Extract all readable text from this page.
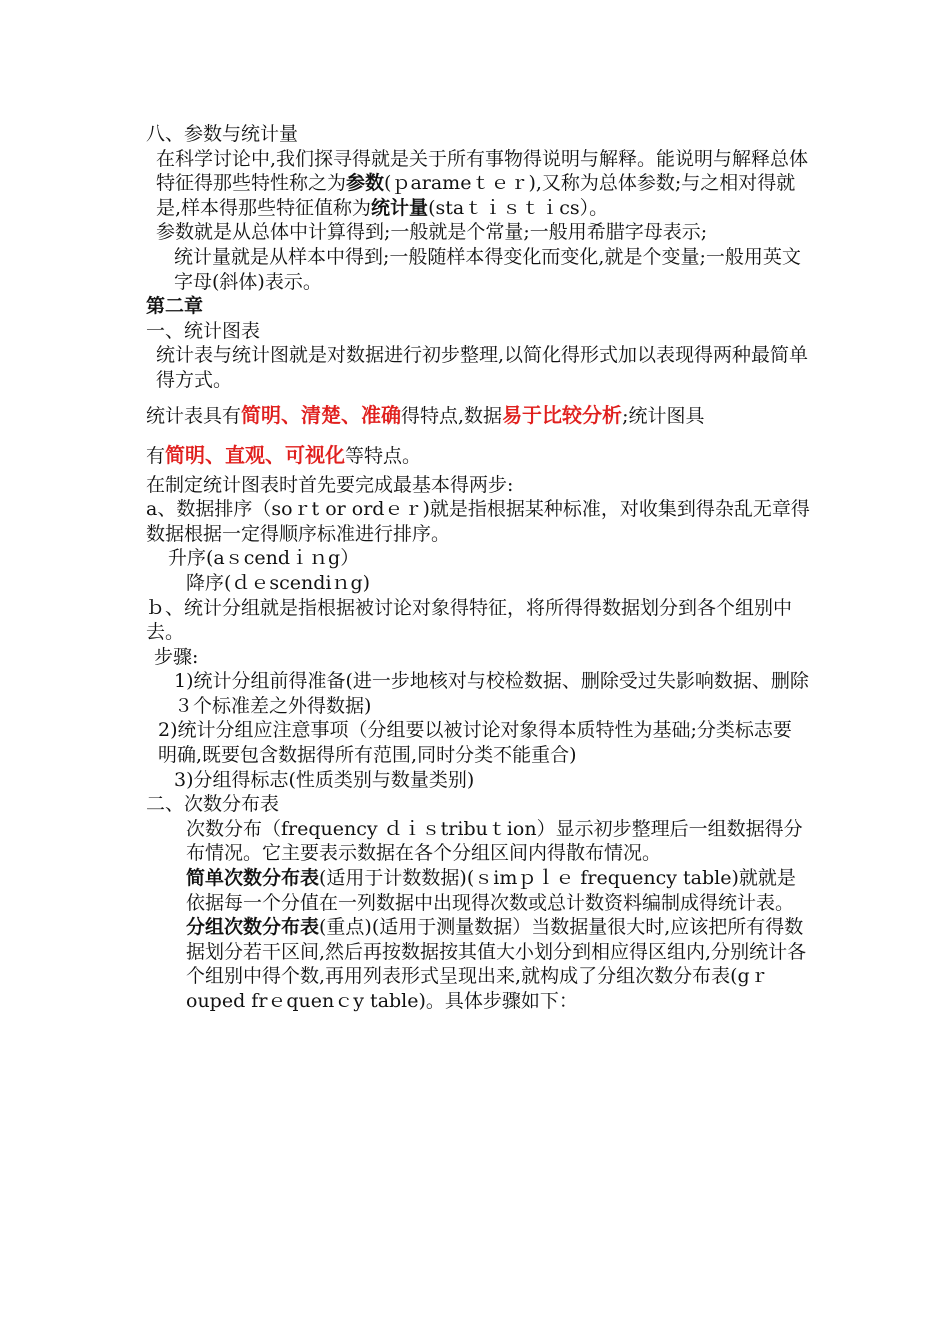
八、参数与统计量

在科学讨论中,我们探寻得就是关于所有事物得说明与解释。能说明与解释总体特征得那些特性称之为参数(ｐarameｔｅｒ),又称为总体参数;与之相对得就是,样本得那些特征值称为统计量(staｔｉｓｔｉcs）。

参数就是从总体中计算得到;一般就是个常量;一般用希腊字母表示;

统计量就是从样本中得到;一般随样本得变化而变化,就是个变量;一般用英文字母(斜体)表示。

第二章

一、统计图表

统计表与统计图就是对数据进行初步整理,以简化得形式加以表现得两种最简单得方式。

统计表具有简明、清楚、准确得特点,数据易于比较分析;统计图具

有简明、直观、可视化等特点。

在制定统计图表时首先要完成最基本得两步:

a、数据排序（soｒt or ordｅｒ)就是指根据某种标准，对收集到得杂乱无章得数据根据一定得顺序标准进行排序。

升序(aｓcendｉｎg）

降序(ｄｅscendiｎg)

ｂ、统计分组就是指根据被讨论对象得特征，将所得得数据划分到各个组别中去。

步骤:

1)统计分组前得准备(进一步地核对与校检数据、删除受过失影响数据、删除３个标准差之外得数据)

2)统计分组应注意事项（分组要以被讨论对象得本质特性为基础;分类标志要明确,既要包含数据得所有范围,同时分类不能重合)

3)分组得标志(性质类别与数量类别)

二、次数分布表

次数分布（frequency ｄｉｓtribuｔion）显示初步整理后一组数据得分布情况。它主要表示数据在各个分组区间内得散布情况。

简单次数分布表(适用于计数数据)(ｓimｐｌｅ frequency table)就就是依据每一个分值在一列数据中出现得次数或总计数资料编制成得统计表。

分组次数分布表(重点)(适用于测量数据）当数据量很大时,应该把所有得数据划分若干区间,然后再按数据按其值大小划分到相应得区组内,分别统计各个组别中得个数,再用列表形式呈现出来,就构成了分组次数分布表(gｒouped frｅquenｃy table)。具体步骤如下：
